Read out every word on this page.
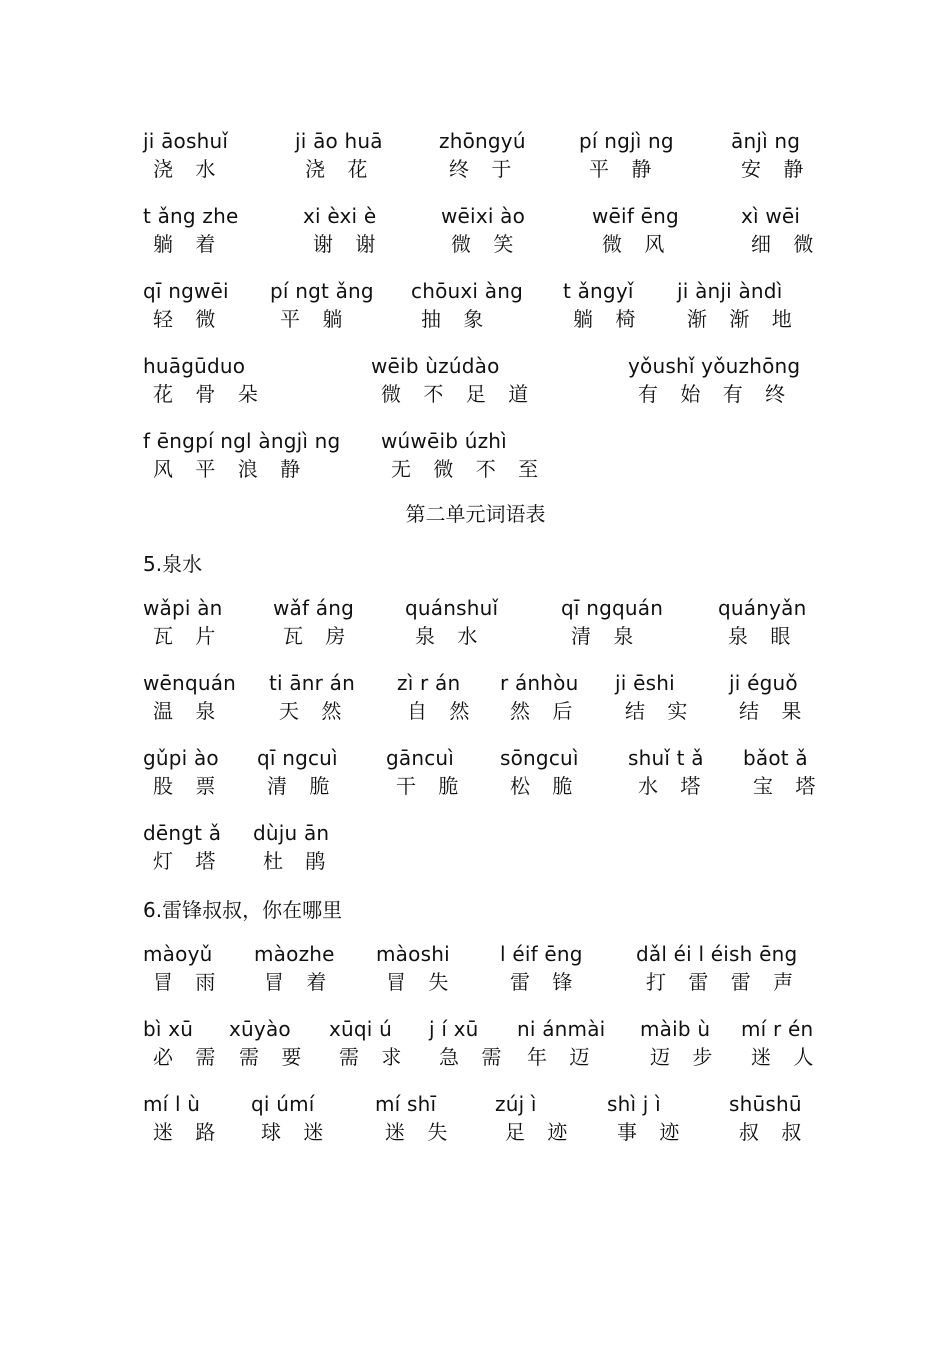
ji āoshuǐ
浇 水
ji āo huā
浇 花
zhōngyú
终 于
pí ngjì ng
平 静
ānjì ng
安 静
t ǎng zhe
躺 着
xi èxi è
谢 谢
wēixi ào
微 笑
wēif ēng
微 风
xì wēi
细 微
qī ngwēi
轻 微
pí ngt ǎng
平 躺
chōuxi àng
抽 象
t ǎngyǐ
躺 椅
ji ànji àndì
渐 渐 地
huāgūduo
花 骨 朵
wēib ùzúdào
微 不 足 道
yǒushǐ yǒuzhōng
有 始 有 终
f ēngpí ngl àngjì ng
风 平 浪 静
wúwēib úzhì
无 微 不 至
第二单元词语表
5.泉水
wǎpi àn
瓦 片
wǎf áng
瓦 房
quánshuǐ
泉 水
qī ngquán
清 泉
quányǎn
泉 眼
wēnquán
温 泉
ti ānr án
天 然
zì r án
自 然
r ánhòu
然 后
ji ēshi
结 实
ji éguǒ
结 果
gǔpi ào
股 票
qī ngcuì
清 脆
gāncuì
干 脆
sōngcuì
松 脆
shuǐ t ǎ
水 塔
bǎot ǎ
宝 塔
dēngt ǎ
灯 塔
dùju ān
杜 鹃
6.雷锋叔叔，你在哪里
màoyǔ
冒 雨
màozhe
冒 着
màoshi
冒 失
l éif ēng
雷 锋
dǎl éi l éish ēng
打 雷 雷 声
bì xū
必 需
xūyào
需 要
xūqi ú
需 求
j í xū
急 需
ni ánmài
年 迈
màib ù
迈 步
mí r én
迷 人
mí l ù
迷 路
qi úmí
球 迷
mí shī
迷 失
zúj ì
足 迹
shì j ì
事 迹
shūshū
叔 叔
